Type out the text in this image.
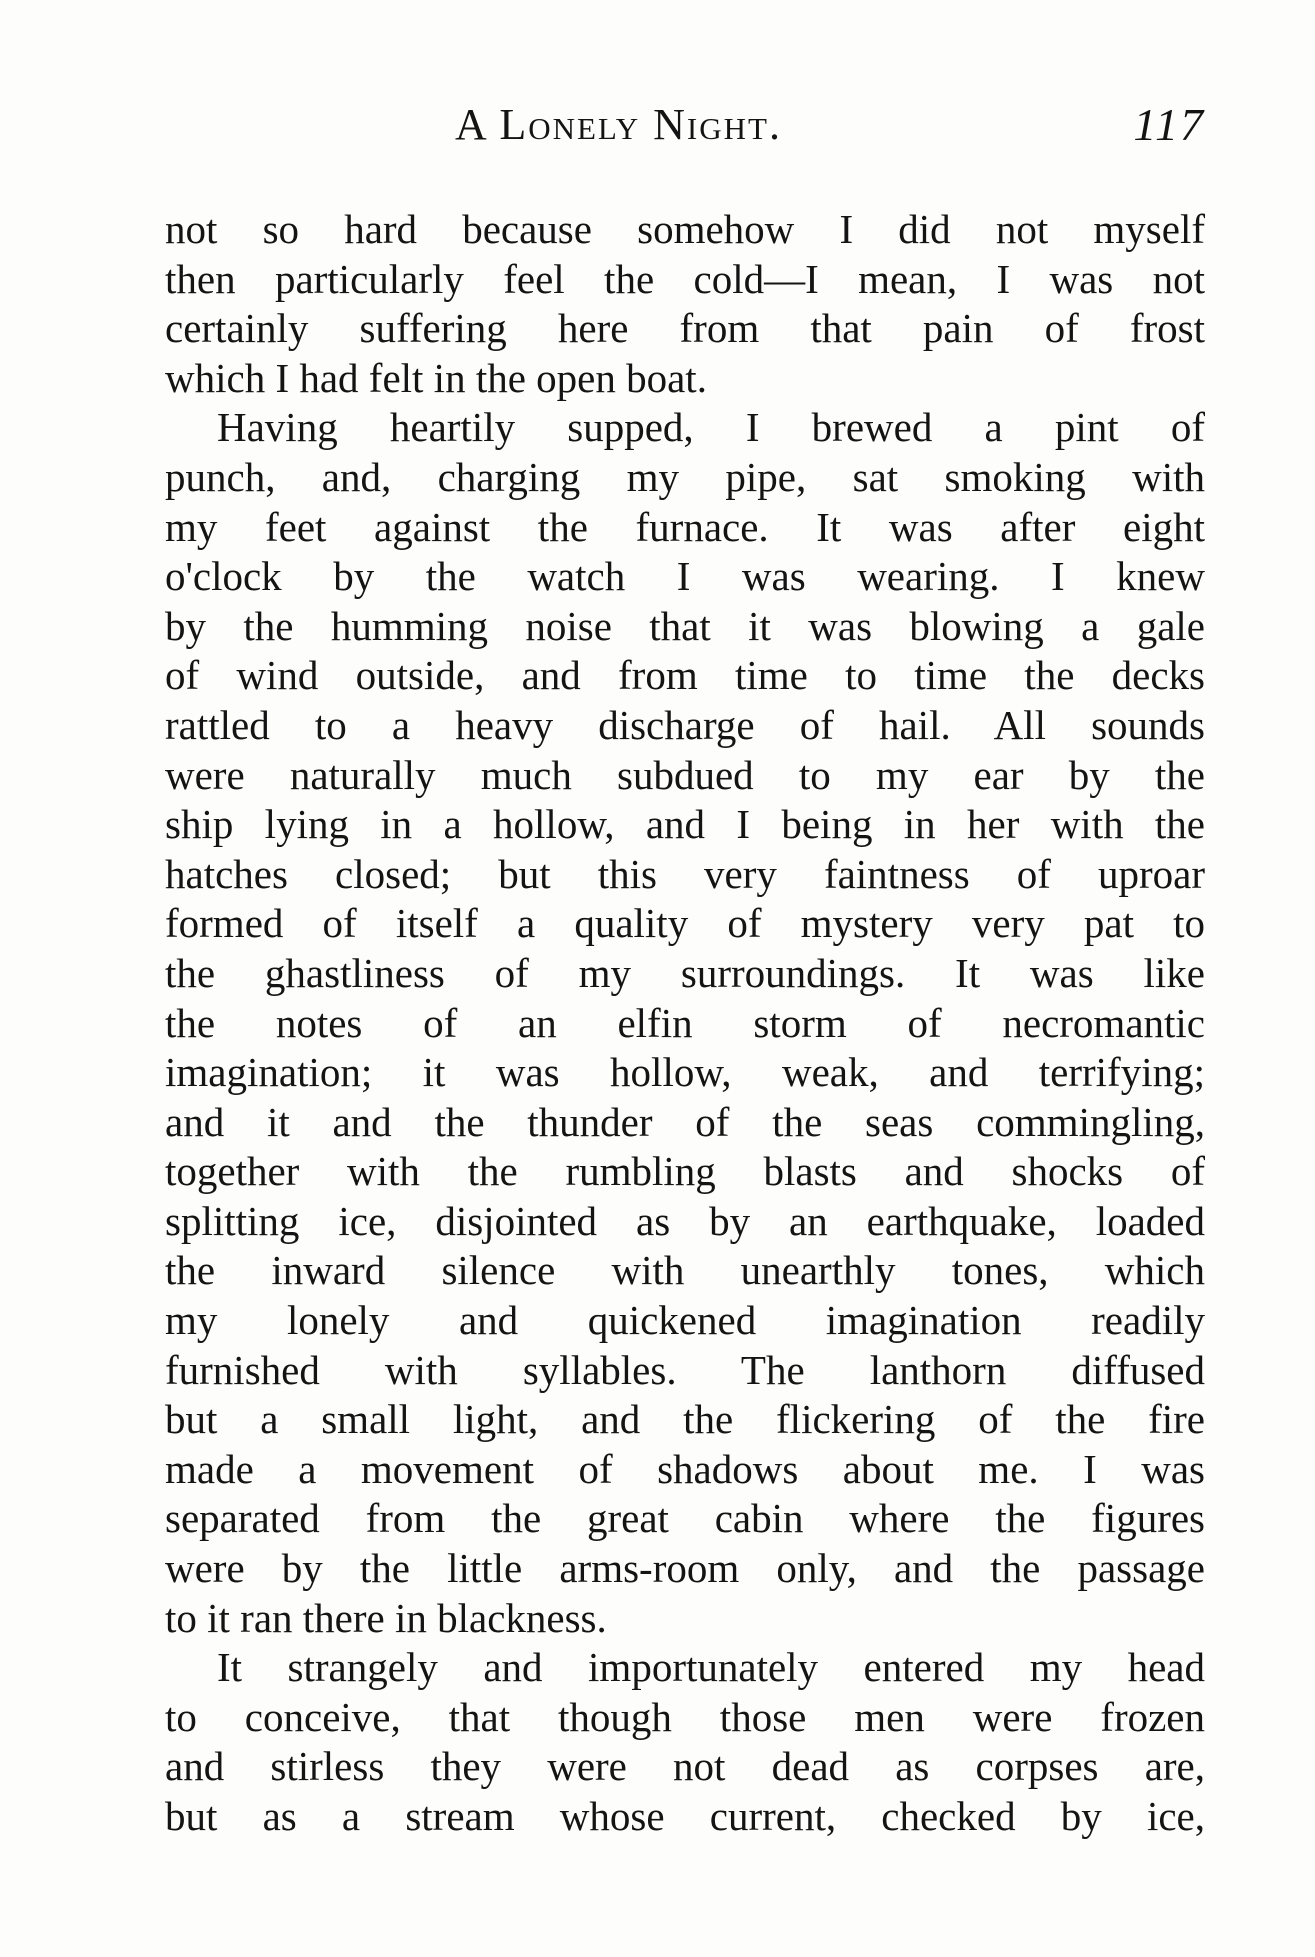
A Lonely Night.	117
not so hard because somehow I did not myself
then particularly feel the cold—I mean, I was not
certainly suffering here from that pain of frost
which I had felt in the open boat.
Having heartily supped, I brewed a pint of
punch, and, charging my pipe, sat smoking with
my feet against the furnace. It was after eight
o'clock by the watch I was wearing. I knew
by the humming noise that it was blowing a gale
of wind outside, and from time to time the decks
rattled to a heavy discharge of hail. All sounds
were naturally much subdued to my ear by the
ship lying in a hollow, and I being in her with the
hatches closed; but this very faintness of uproar
formed of itself a quality of mystery very pat to
the ghastliness of my surroundings. It was like
the notes of an elfin storm of necromantic
imagination; it was hollow, weak, and terrifying;
and it and the thunder of the seas commingling,
together with the rumbling blasts and shocks of
splitting ice, disjointed as by an earthquake, loaded
the inward silence with unearthly tones, which
my lonely and quickened imagination readily
furnished with syllables. The lanthorn diffused
but a small light, and the flickering of the fire
made a movement of shadows about me. I was
separated from the great cabin where the figures
were by the little arms-room only, and the passage
to it ran there in blackness.
It strangely and importunately entered my head
to conceive, that though those men were frozen
and stirless they were not dead as corpses are,
but as a stream whose current, checked by ice,
